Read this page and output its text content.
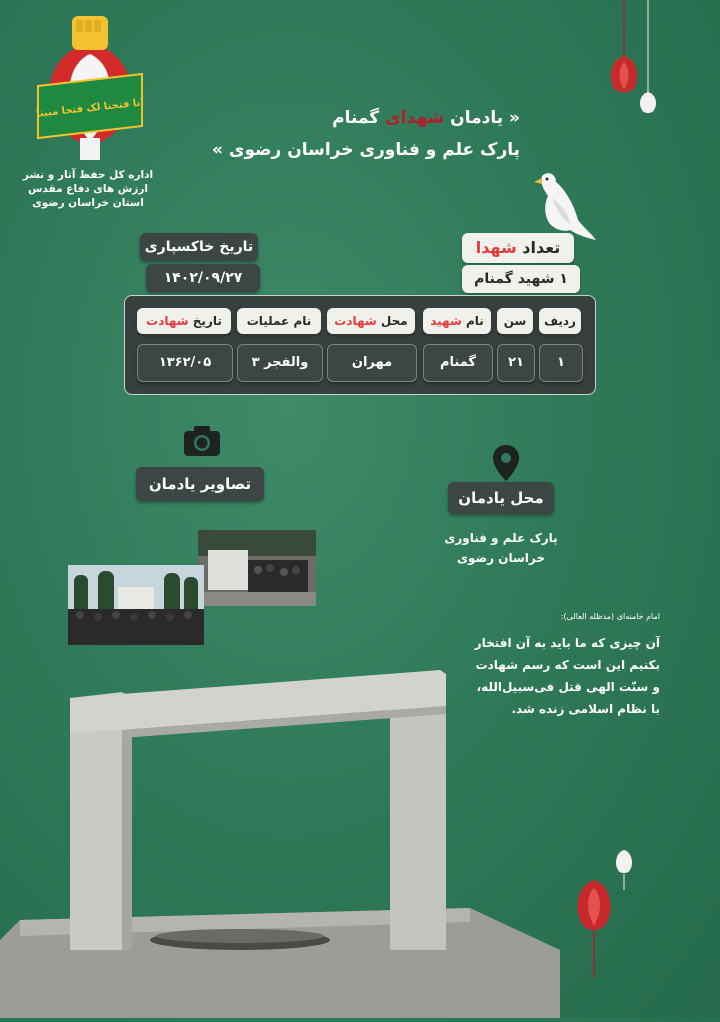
انا فتحنا لک فتحا مبینا
اداره کل حفظ آثار و نشر
ارزش های دفاع مقدس
استان خراسان رضوی
« یادمان شهدای گمنام
پارک علم و فناوری خراسان رضوی »
تعداد شهدا
۱ شهید گمنام
تاریخ خاکسپاری
۱۴۰۲/۰۹/۲۷
ردیف
سن
نام شهید
محل شهادت
نام عملیات
تاریخ شهادت
۱
۲۱
گمنام
مهران
والفجر ۳
۱۳۶۲/۰۵
تصاویر یادمان
محل یادمان
پارک علم و فناوری
خراسان رضوی
امام خامنه‌ای (مدظله العالی):
آن چیزی که ما باید به آن افتخار
بکنیم این است که رسم شهادت
و سنّت الهی قتل فی‌سبیل‌الله،
با نظام اسلامی زنده شد.
